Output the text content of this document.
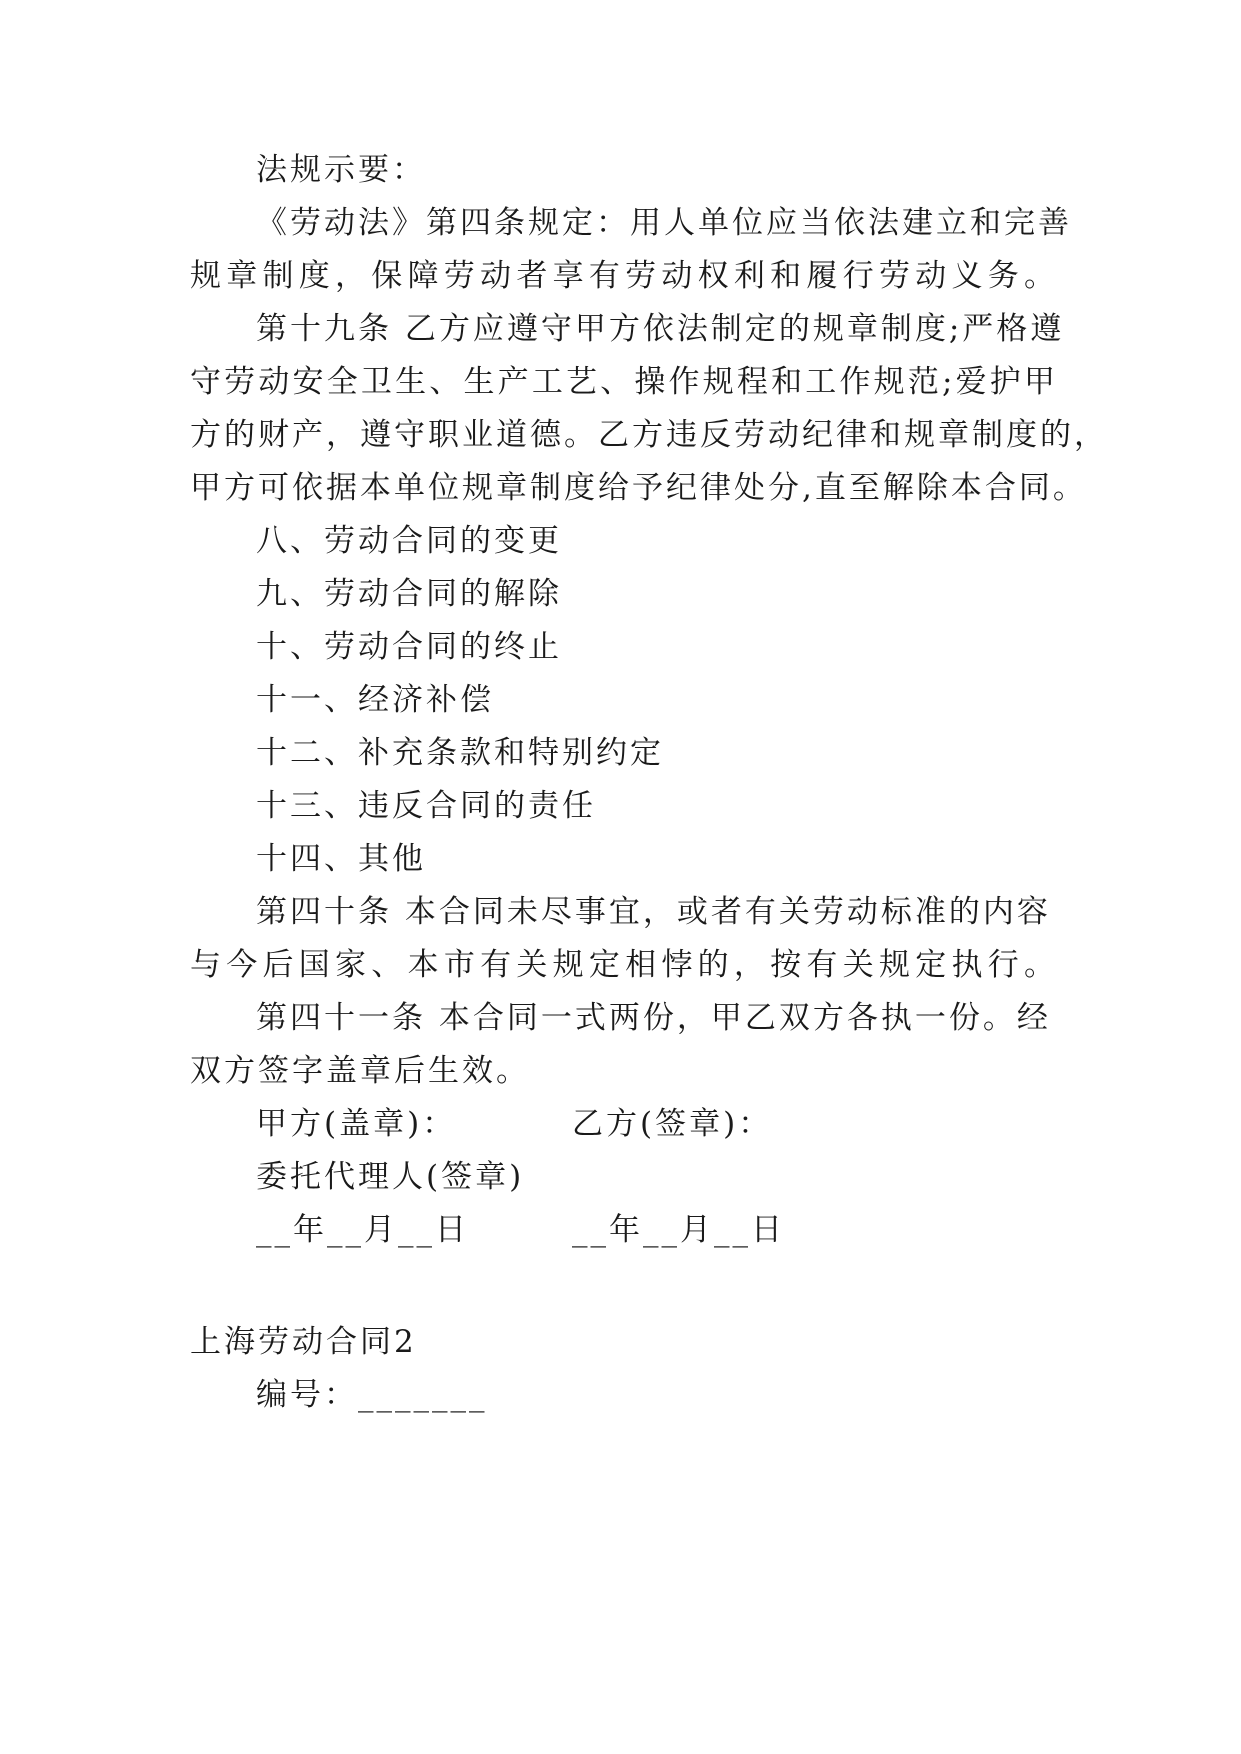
法规示要：
《劳动法》第四条规定：用人单位应当依法建立和完善
规章制度，保障劳动者享有劳动权利和履行劳动义务。
第十九条 乙方应遵守甲方依法制定的规章制度;严格遵
守劳动安全卫生、生产工艺、操作规程和工作规范;爱护甲
方的财产，遵守职业道德。乙方违反劳动纪律和规章制度的，
甲方可依据本单位规章制度给予纪律处分,直至解除本合同。
八、劳动合同的变更
九、劳动合同的解除
十、劳动合同的终止
十一、经济补偿
十二、补充条款和特别约定
十三、违反合同的责任
十四、其他
第四十条 本合同未尽事宜，或者有关劳动标准的内容
与今后国家、本市有关规定相悖的，按有关规定执行。
第四十一条 本合同一式两份，甲乙双方各执一份。经
双方签字盖章后生效。
甲方(盖章)：	乙方(签章)：
委托代理人(签章)
__年__月__日	__年__月__日
上海劳动合同2
编号：_______
